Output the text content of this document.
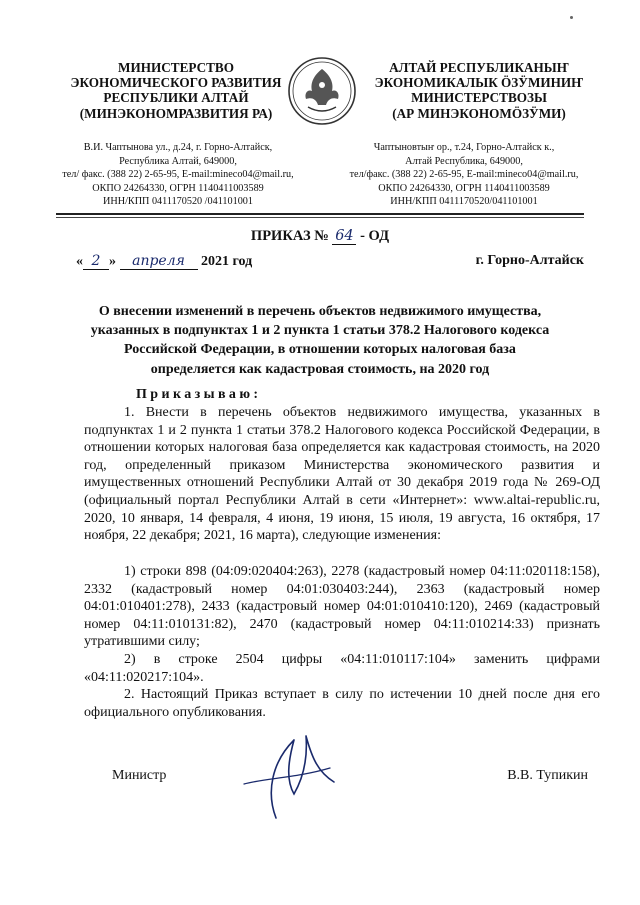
МИНИСТЕРСТВО
ЭКОНОМИЧЕСКОГО РАЗВИТИЯ
РЕСПУБЛИКИ АЛТАЙ
(МИНЭКОНОМРАЗВИТИЯ РА)
В.И. Чаптынова ул., д.24, г. Горно-Алтайск,
Республика Алтай, 649000,
тел/ факс. (388 22) 2-65-95, E-mail:mineco04@mail.ru,
ОКПО 24264330, ОГРН 1140411003589
ИНН/КПП 0411170520 /041101001
АЛТАЙ РЕСПУБЛИКАНЫҤ
ЭКОНОМИКАЛЫК ӦЗӰМИНИҤ
МИНИСТЕРСТВОЗЫ
(АР МИНЭКОНОМӦЗӰМИ)
Чаптыновтыҥ ор., т.24, Горно-Алтайск к.,
Алтай Республика, 649000,
тел/факс. (388 22) 2-65-95, E-mail:mineco04@mail.ru,
ОКПО 24264330, ОГРН 1140411003589
ИНН/КПП 0411170520/041101001
ПРИКАЗ № 64 - ОД
« 2 » апреля 2021 год	г. Горно-Алтайск
О внесении изменений в перечень объектов недвижимого имущества, указанных в подпунктах 1 и 2 пункта 1 статьи 378.2 Налогового кодекса Российской Федерации, в отношении которых налоговая база определяется как кадастровая стоимость, на 2020 год
Приказываю:
1. Внести в перечень объектов недвижимого имущества, указанных в подпунктах 1 и 2 пункта 1 статьи 378.2 Налогового кодекса Российской Федерации, в отношении которых налоговая база определяется как кадастровая стоимость, на 2020 год, определенный приказом Министерства экономического развития и имущественных отношений Республики Алтай от 30 декабря 2019 года № 269-ОД (официальный портал Республики Алтай в сети «Интернет»: www.altai-republic.ru, 2020, 10 января, 14 февраля, 4 июня, 19 июня, 15 июля, 19 августа, 16 октября, 17 ноября, 22 декабря; 2021, 16 марта), следующие изменения:
1) строки 898 (04:09:020404:263), 2278 (кадастровый номер 04:11:020118:158), 2332 (кадастровый номер 04:01:030403:244), 2363 (кадастровый номер 04:01:010401:278), 2433 (кадастровый номер 04:01:010410:120), 2469 (кадастровый номер 04:11:010131:82), 2470 (кадастровый номер 04:11:010214:33) признать утратившими силу;
2) в строке 2504 цифры «04:11:010117:104» заменить цифрами «04:11:020217:104».
2. Настоящий Приказ вступает в силу по истечении 10 дней после дня его официального опубликования.
Министр	В.В. Тупикин
